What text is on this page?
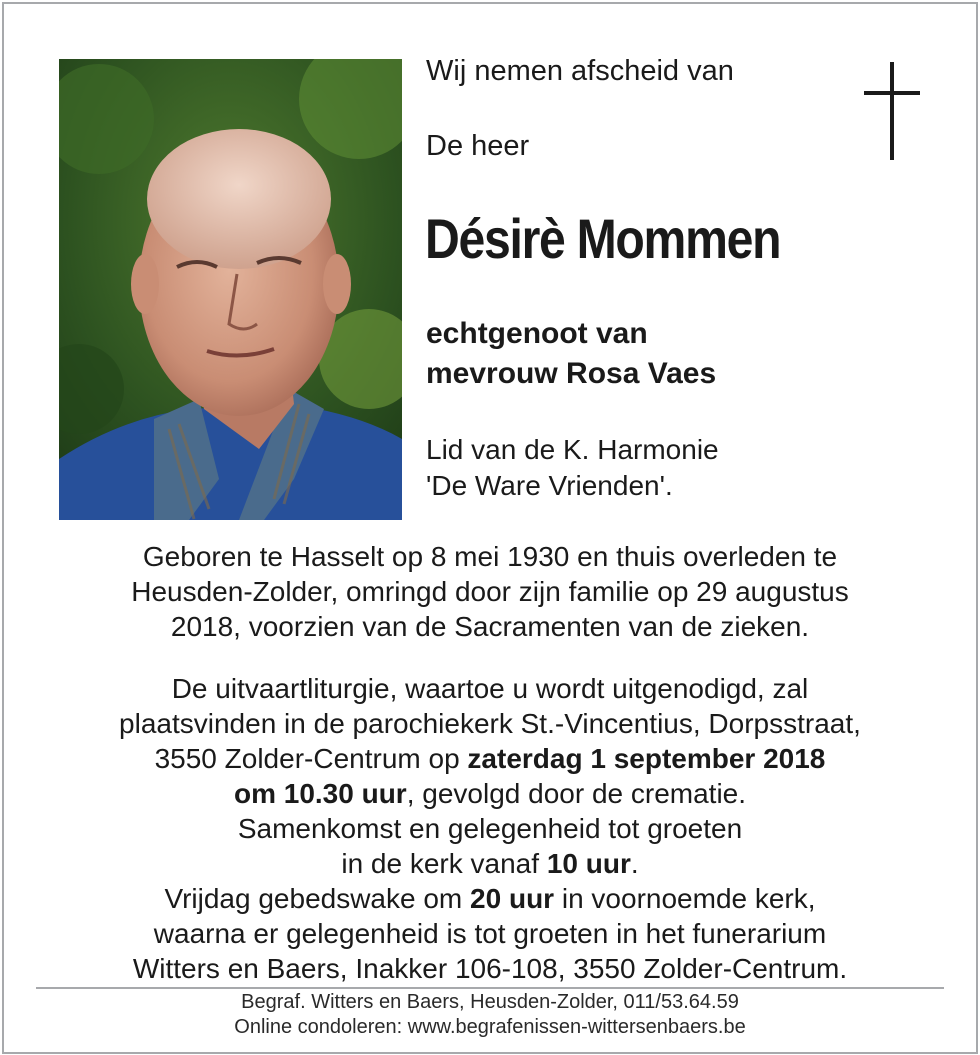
Wij nemen afscheid van
De heer
Désirè Mommen
echtgenoot van
mevrouw Rosa Vaes
Lid van de K. Harmonie
'De Ware Vrienden'.
Geboren te Hasselt op 8 mei 1930 en thuis overleden te
Heusden-Zolder, omringd door zijn familie op 29 augustus
2018, voorzien van de Sacramenten van de zieken.
De uitvaartliturgie, waartoe u wordt uitgenodigd, zal
plaatsvinden in de parochiekerk St.-Vincentius, Dorpsstraat,
3550 Zolder-Centrum op zaterdag 1 september 2018
om 10.30 uur, gevolgd door de crematie.
Samenkomst en gelegenheid tot groeten
in de kerk vanaf 10 uur.
Vrijdag gebedswake om 20 uur in voornoemde kerk,
waarna er gelegenheid is tot groeten in het funerarium
Witters en Baers, Inakker 106-108, 3550 Zolder-Centrum.
Begraf. Witters en Baers, Heusden-Zolder, 011/53.64.59
Online condoleren: www.begrafenissen-wittersenbaers.be
